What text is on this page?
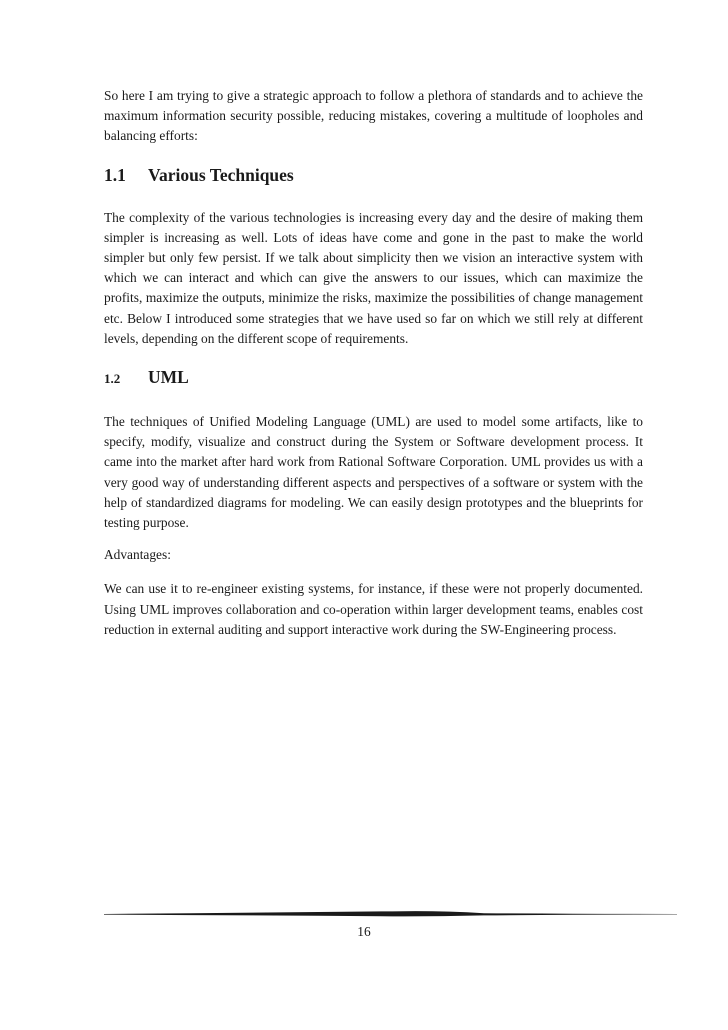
So here I am trying to give a strategic approach to follow a plethora of standards and to achieve the maximum information security possible, reducing mistakes, covering a multitude of loopholes and balancing efforts:

1.1	Various Techniques

The complexity of the various technologies is increasing every day and the desire of making them simpler is increasing as well. Lots of ideas have come and gone in the past to make the world simpler but only few persist. If we talk about simplicity then we vision an interactive system with which we can interact and which can give the answers to our issues, which can maximize the profits, maximize the outputs, minimize the risks, maximize the possibilities of change management etc. Below I introduced some strategies that we have used so far on which we still rely at different levels, depending on the different scope of requirements.

1.2	UML

The techniques of Unified Modeling Language (UML) are used to model some artifacts, like to specify, modify, visualize and construct during the System or Software development process. It came into the market after hard work from Rational Software Corporation. UML provides us with a very good way of understanding different aspects and perspectives of a software or system with the help of standardized diagrams for modeling. We can easily design prototypes and the blueprints for testing purpose.

Advantages:

We can use it to re-engineer existing systems, for instance, if these were not properly documented. Using UML improves collaboration and co-operation within larger development teams, enables cost reduction in external auditing and support interactive work during the SW-Engineering process.

16
